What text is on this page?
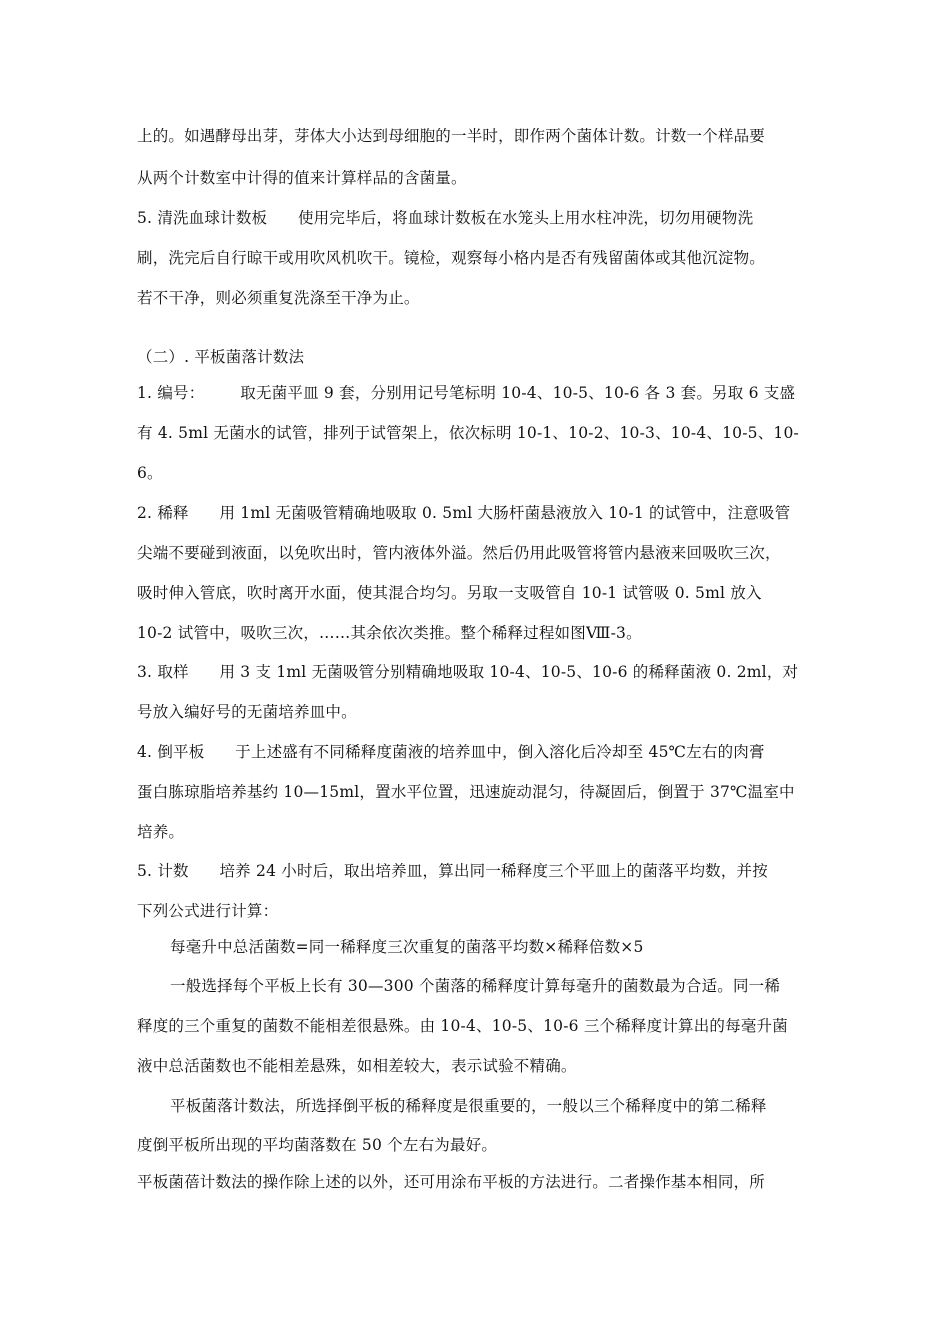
上的。如遇酵母出芽，芽体大小达到母细胞的一半时，即作两个菌体计数。计数一个样品要
从两个计数室中计得的值来计算样品的含菌量。
5. 清洗血球计数板      使用完毕后，将血球计数板在水笼头上用水柱冲洗，切勿用硬物洗
刷，洗完后自行晾干或用吹风机吹干。镜检，观察每小格内是否有残留菌体或其他沉淀物。
若不干净，则必须重复洗涤至干净为止。
（二）. 平板菌落计数法
1. 编号：       取无菌平皿 9 套，分别用记号笔标明 10-4、10-5、10-6 各 3 套。另取 6 支盛
有 4. 5ml 无菌水的试管，排列于试管架上，依次标明 10-1、10-2、10-3、10-4、10-5、10-
6。
2. 稀释      用 1ml 无菌吸管精确地吸取 0. 5ml 大肠杆菌悬液放入 10-1 的试管中，注意吸管
尖端不要碰到液面，以免吹出时，管内液体外溢。然后仍用此吸管将管内悬液来回吸吹三次，
吸时伸入管底，吹时离开水面，使其混合均匀。另取一支吸管自 10-1 试管吸 0. 5ml 放入
10-2 试管中，吸吹三次，……其余依次类推。整个稀释过程如图Ⅷ-3。
3. 取样      用 3 支 1ml 无菌吸管分别精确地吸取 10-4、10-5、10-6 的稀释菌液 0. 2ml，对
号放入编好号的无菌培养皿中。
4. 倒平板      于上述盛有不同稀释度菌液的培养皿中，倒入溶化后冷却至 45℃左右的肉膏
蛋白胨琼脂培养基约 10—15ml，置水平位置，迅速旋动混匀，待凝固后，倒置于 37℃温室中
培养。
5. 计数      培养 24 小时后，取出培养皿，算出同一稀释度三个平皿上的菌落平均数，并按
下列公式进行计算：
每毫升中总活菌数=同一稀释度三次重复的菌落平均数×稀释倍数×5
一般选择每个平板上长有 30—300 个菌落的稀释度计算每毫升的菌数最为合适。同一稀
释度的三个重复的菌数不能相差很悬殊。由 10-4、10-5、10-6 三个稀释度计算出的每毫升菌
液中总活菌数也不能相差悬殊，如相差较大，表示试验不精确。
平板菌落计数法，所选择倒平板的稀释度是很重要的，一般以三个稀释度中的第二稀释
度倒平板所出现的平均菌落数在 50 个左右为最好。
平板菌蓓计数法的操作除上述的以外，还可用涂布平板的方法进行。二者操作基本相同，所
